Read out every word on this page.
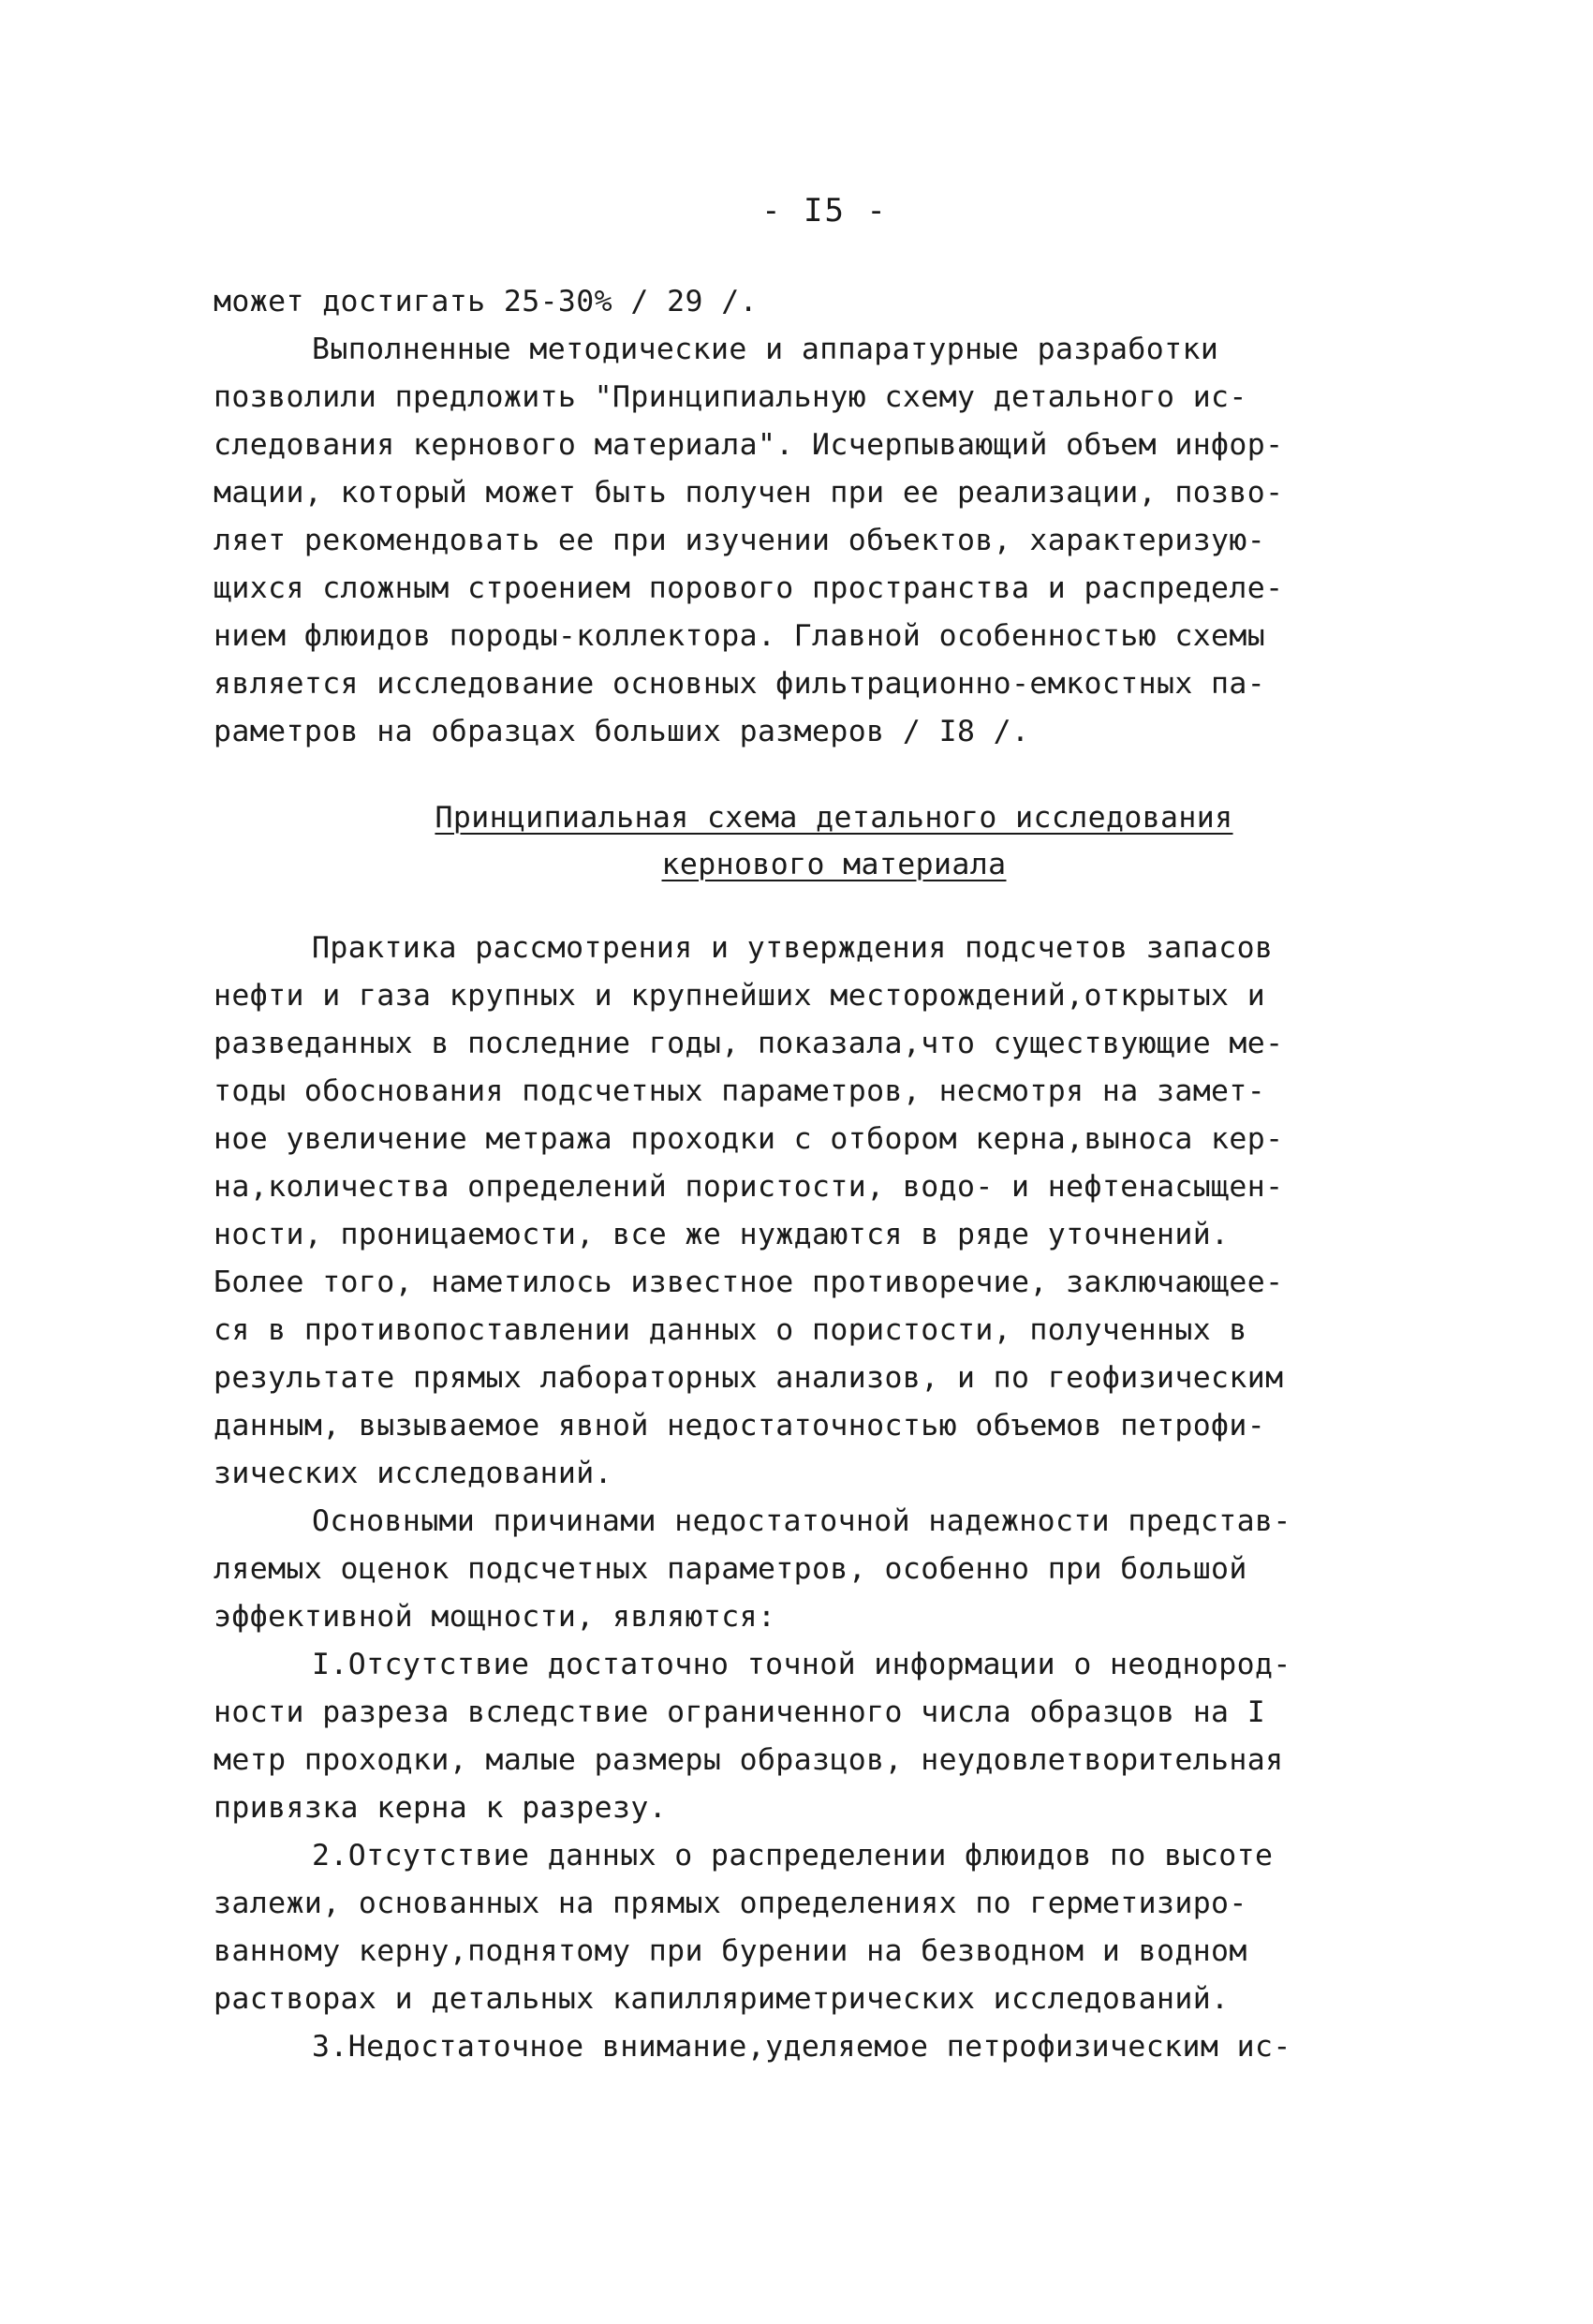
- I5 -
может достигать 25-30% / 29 /.
Выполненные методические и аппаратурные разработки
позволили предложить "Принципиальную схему детального ис-
следования кернового материала". Исчерпывающий объем инфор-
мации, который может быть получен при ее реализации, позво-
ляет рекомендовать ее при изучении объектов, характеризую-
щихся сложным строением порового пространства и распределе-
нием флюидов породы-коллектора. Главной особенностью схемы
является исследование основных фильтрационно-емкостных па-
раметров на образцах больших размеров / I8 /.
Принципиальная схема детального исследования
кернового материала
Практика рассмотрения и утверждения подсчетов запасов
нефти и газа крупных и крупнейших месторождений,открытых и
разведанных в последние годы, показала,что существующие ме-
тоды обоснования подсчетных параметров, несмотря на замет-
ное увеличение метража проходки с отбором керна,выноса кер-
на,количества определений пористости, водо- и нефтенасыщен-
ности, проницаемости, все же нуждаются в ряде уточнений.
Более того, наметилось известное противоречие, заключающее-
ся в противопоставлении данных о пористости, полученных в
результате прямых лабораторных анализов, и по геофизическим
данным, вызываемое явной недостаточностью объемов петрофи-
зических исследований.
Основными причинами недостаточной надежности представ-
ляемых оценок подсчетных параметров, особенно при большой
эффективной мощности, являются:
I.Отсутствие достаточно точной информации о неоднород-
ности разреза вследствие ограниченного числа образцов на I
метр проходки, малые размеры образцов, неудовлетворительная
привязка керна к разрезу.
2.Отсутствие данных о распределении флюидов по высоте
залежи, основанных на прямых определениях по герметизиро-
ванному керну,поднятому при бурении на безводном и водном
растворах и детальных капилляриметрических исследований.
3.Недостаточное внимание,уделяемое петрофизическим ис-
